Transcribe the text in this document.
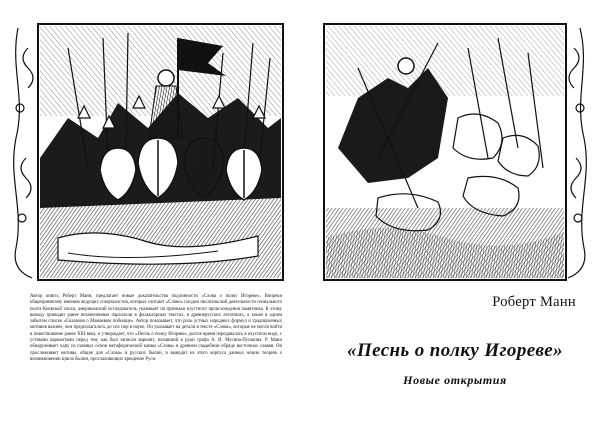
Автор книги, Роберт Манн, предлагает новые доказательства подлинности «Слова о полку Игореве». Вопреки общепринятому мнению ведущих специалистов, которые считают «Слово» плодом писательской деятельности гениального поэта Киевской эпохи, американский исследователь указывает на признаки изустного происхождения памятника. К этому выводу приводят ранее незамеченные параллели в фольклорных текстах, в древнерусских летописях, а также в одном забытом списке «Сказания о Мамаевом побоище». Автор показывает, что роль устных народных формул и традиционных мотивов важнее, чем предполагалось до сих пор в науке. Он указывает на детали в тексте «Слова», которые не могли войти в повествование ранее XIII века, и утверждает, что «Песнь о полку Игореве» долгое время передавалась в изустном виде, с устными вариантами перед тем, как был записан вариант, попавший в руки графа А. И. Мусина-Пушкина. Р. Манн обнаруживает одну из главных основ метафорической канвы «Слова» в древнем свадебном обряде восточных славян. Он прослеживает мотивы, общие для «Слова» и русских былин, и выводит из этого корпуса данных новую теорию о возникновении цикла былин, прославляющих крещение Руси.

Роберт Манн
«Песнь о полку Игореве»
Новые открытия
